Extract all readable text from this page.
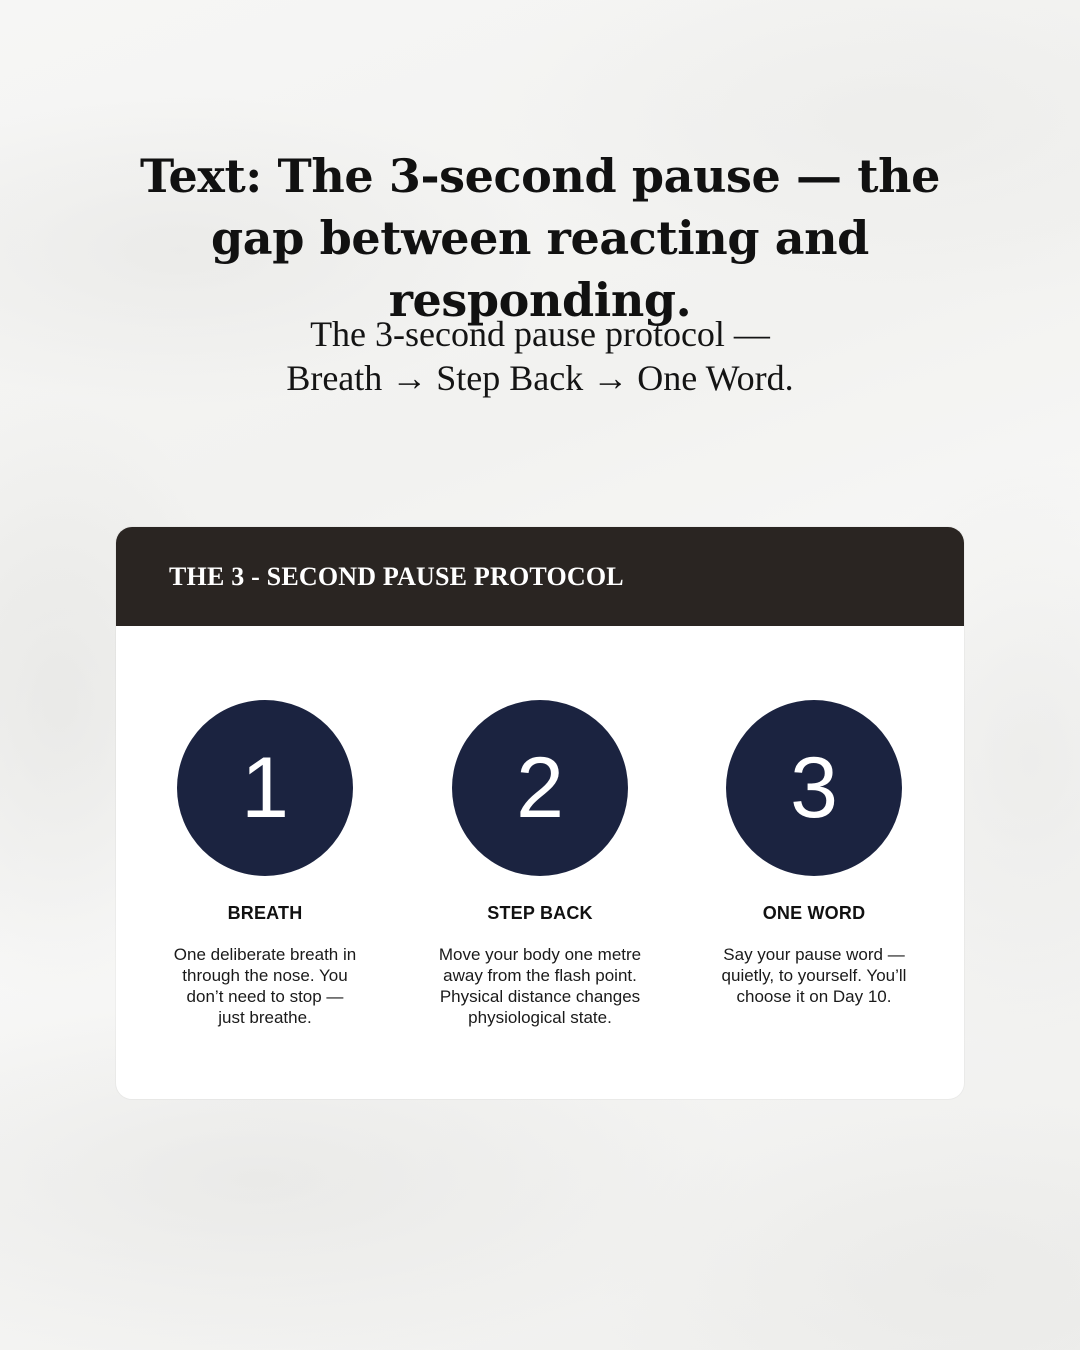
Text: The 3-second pause — the gap between reacting and responding.
The 3-second pause protocol —
Breath → Step Back → One Word.
THE 3 - SECOND PAUSE PROTOCOL
1
BREATH
One deliberate breath in
through the nose. You
don’t need to stop —
just breathe.
2
STEP BACK
Move your body one metre
away from the flash point.
Physical distance changes
physiological state.
3
ONE WORD
Say your pause word —
quietly, to yourself. You’ll
choose it on Day 10.
